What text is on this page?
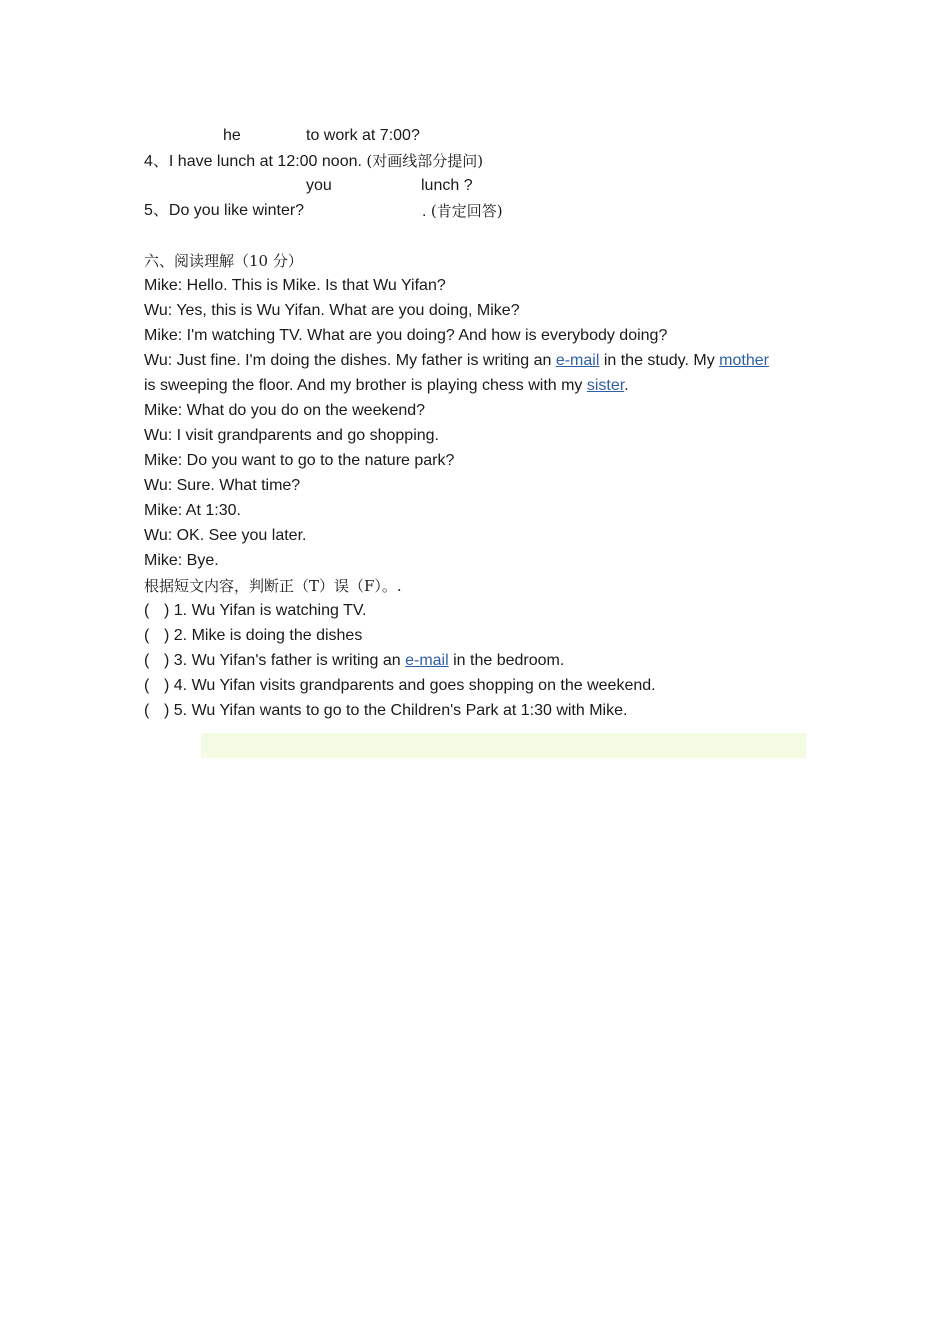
he	to work at 7:00?
4、I have lunch at 12:00 noon. (对画线部分提问)
you	lunch ?
5、Do you like winter?	. (肯定回答)
六、阅读理解（10 分）
Mike: Hello. This is Mike. Is that Wu Yifan?
Wu: Yes, this is Wu Yifan. What are you doing, Mike?
Mike: I'm watching TV. What are you doing? And how is everybody doing?
Wu: Just fine. I'm doing the dishes. My father is writing an e-mail in the study. My mother
is sweeping the floor. And my brother is playing chess with my sister.
Mike: What do you do on the weekend?
Wu: I visit grandparents and go shopping.
Mike: Do you want to go to the nature park?
Wu: Sure. What time?
Mike: At 1:30.
Wu: OK. See you later.
Mike: Bye.
根据短文内容，判断正（T）误（F）。.
( ) 1. Wu Yifan is watching TV.
( ) 2. Mike is doing the dishes
( ) 3. Wu Yifan's father is writing an e-mail in the bedroom.
( ) 4. Wu Yifan visits grandparents and goes shopping on the weekend.
( ) 5. Wu Yifan wants to go to the Children's Park at 1:30 with Mike.
